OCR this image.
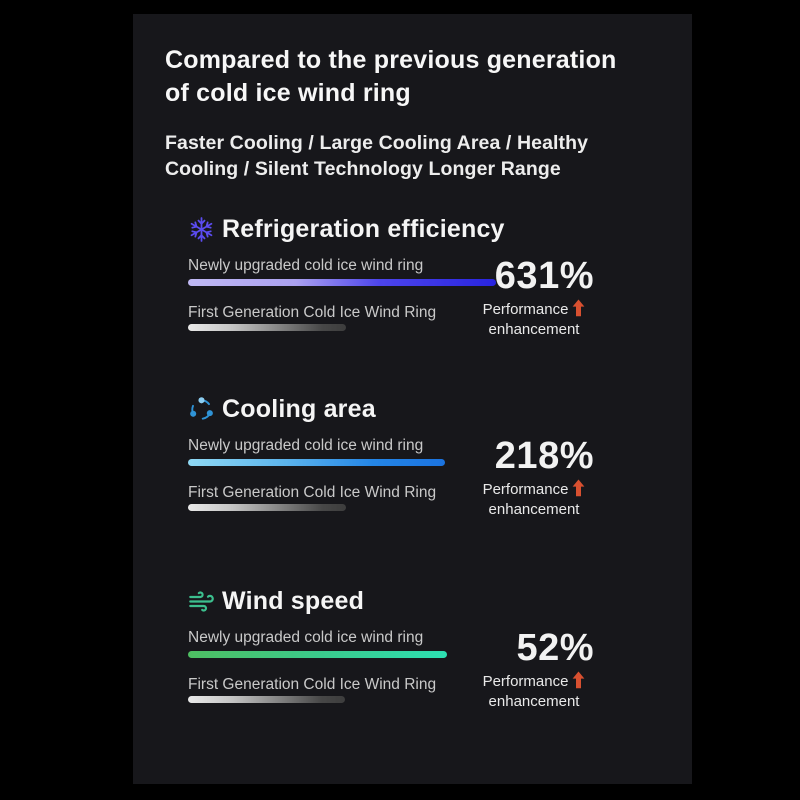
Compared to the previous generation
of cold ice wind ring
Faster Cooling / Large Cooling Area / Healthy
Cooling / Silent Technology Longer Range
Refrigeration efficiency
Newly upgraded cold ice wind ring
First Generation Cold Ice Wind Ring
631%
Performance
enhancement
Cooling area
Newly upgraded cold ice wind ring
First Generation Cold Ice Wind Ring
218%
Performance
enhancement
Wind speed
Newly upgraded cold ice wind ring
First Generation Cold Ice Wind Ring
52%
Performance
enhancement
